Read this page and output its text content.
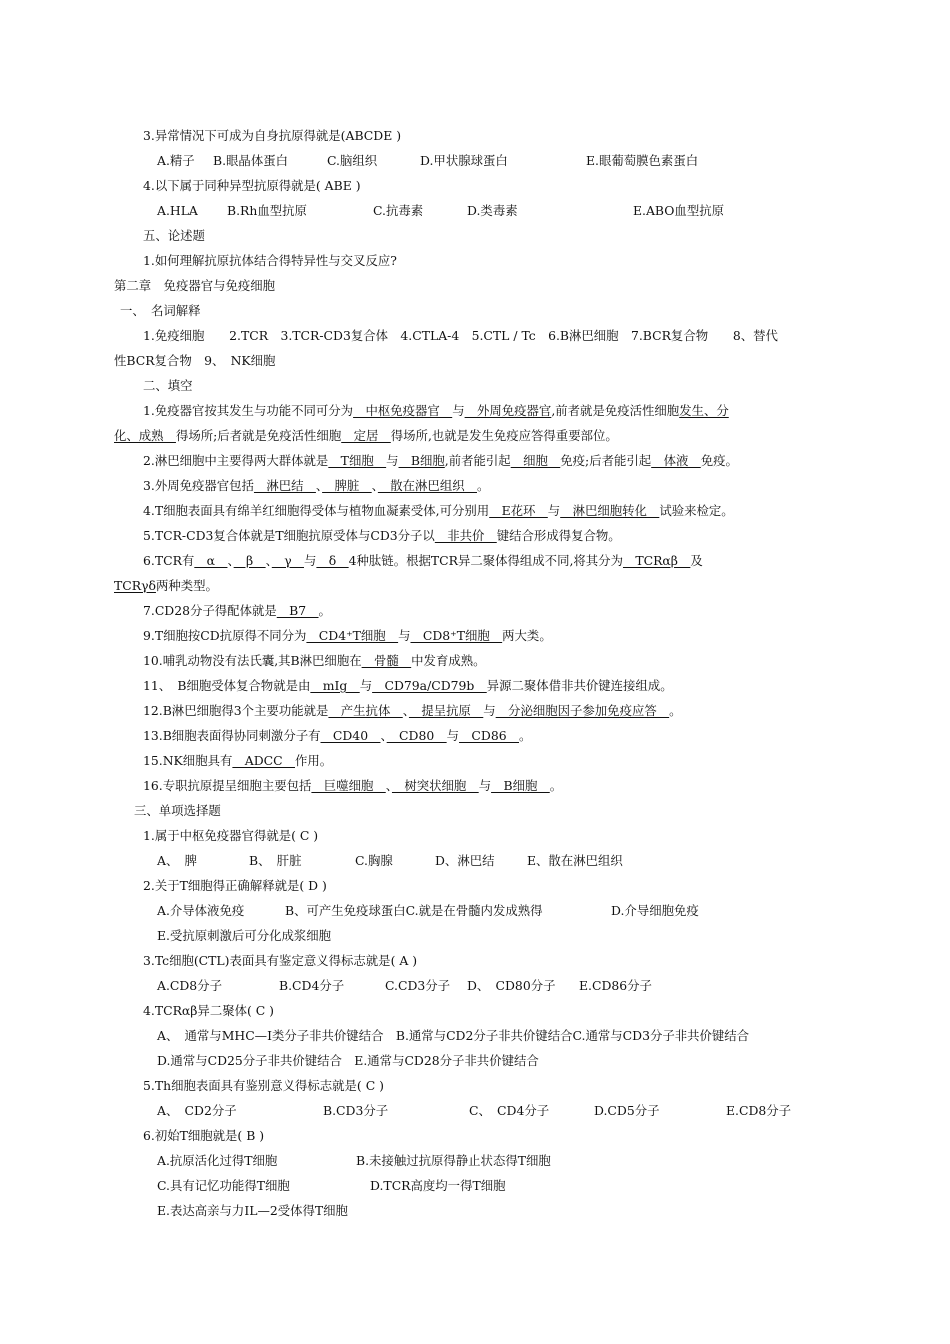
3.异常情况下可成为自身抗原得就是(ABCDE )
A.精子 B.眼晶体蛋白	C.脑组织	D.甲状腺球蛋白	E.眼葡萄膜色素蛋白
4.以下属于同种异型抗原得就是( ABE )
A.HLA B.Rh血型抗原	C.抗毒素	D.类毒素	E.ABO血型抗原
五、论述题
1.如何理解抗原抗体结合得特异性与交叉反应?
第二章　免疫器官与免疫细胞
一、　名词解释
1.免疫细胞　　2.TCR　3.TCR-CD3复合体　4.CTLA-4　5.CTL / Tc　6.B淋巴细胞　7.BCR复合物　　8、替代
性BCR复合物　9、　NK细胞
二、填空
1.免疫器官按其发生与功能不同可分为　中枢免疫器官　与　外周免疫器官,前者就是免疫活性细胞发生、分
化、成熟　得场所;后者就是免疫活性细胞　定居　得场所,也就是发生免疫应答得重要部位。
2.淋巴细胞中主要得两大群体就是　T细胞　与　B细胞,前者能引起　细胞　免疫;后者能引起　体液　免疫。
3.外周免疫器官包括　淋巴结　、　脾脏　、　散在淋巴组织　。
4.T细胞表面具有绵羊红细胞得受体与植物血凝素受体,可分别用　E花环　与　淋巴细胞转化　试验来检定。
5.TCR-CD3复合体就是T细胞抗原受体与CD3分子以　非共价　键结合形成得复合物。
6.TCR有　α　、　β　、　γ　与　δ　4种肽链。根据TCR异二聚体得组成不同,将其分为　TCRαβ　及
TCRγδ两种类型。
7.CD28分子得配体就是　B7　。
9.T细胞按CD抗原得不同分为　CD4⁺T细胞　与　CD8⁺T细胞　两大类。
10.哺乳动物没有法氏囊,其B淋巴细胞在　骨髓　中发育成熟。
11、　B细胞受体复合物就是由　mIg　与　CD79a/CD79b　异源二聚体借非共价键连接组成。
12.B淋巴细胞得3个主要功能就是　产生抗体　、　提呈抗原　与　分泌细胞因子参加免疫应答　。
13.B细胞表面得协同刺激分子有　CD40　、　CD80　与　CD86　。
15.NK细胞具有　ADCC　作用。
16.专职抗原提呈细胞主要包括　巨噬细胞　、　树突状细胞　与　B细胞　。
三、单项选择题
1.属于中枢免疫器官得就是( C )
A、　脾	B、　肝脏	C.胸腺	D、淋巴结	E、散在淋巴组织
2.关于T细胞得正确解释就是( D )
A.介导体液免疫	B、可产生免疫球蛋白C.就是在骨髓内发成熟得	D.介导细胞免疫
E.受抗原刺激后可分化成浆细胞
3.Tc细胞(CTL)表面具有鉴定意义得标志就是( A )
A.CD8分子	B.CD4分子	C.CD3分子 D、　CD80分子 E.CD86分子
4.TCRαβ异二聚体( C )
A、　通常与MHC—I类分子非共价键结合　B.通常与CD2分子非共价键结合C.通常与CD3分子非共价键结合
D.通常与CD25分子非共价键结合　E.通常与CD28分子非共价键结合
5.Th细胞表面具有鉴别意义得标志就是( C )
A、　CD2分子	B.CD3分子	C、　CD4分子	D.CD5分子	E.CD8分子
6.初始T细胞就是( B )
A.抗原活化过得T细胞	B.未接触过抗原得静止状态得T细胞
C.具有记忆功能得T细胞	D.TCR高度均一得T细胞
E.表达高亲与力IL—2受体得T细胞
